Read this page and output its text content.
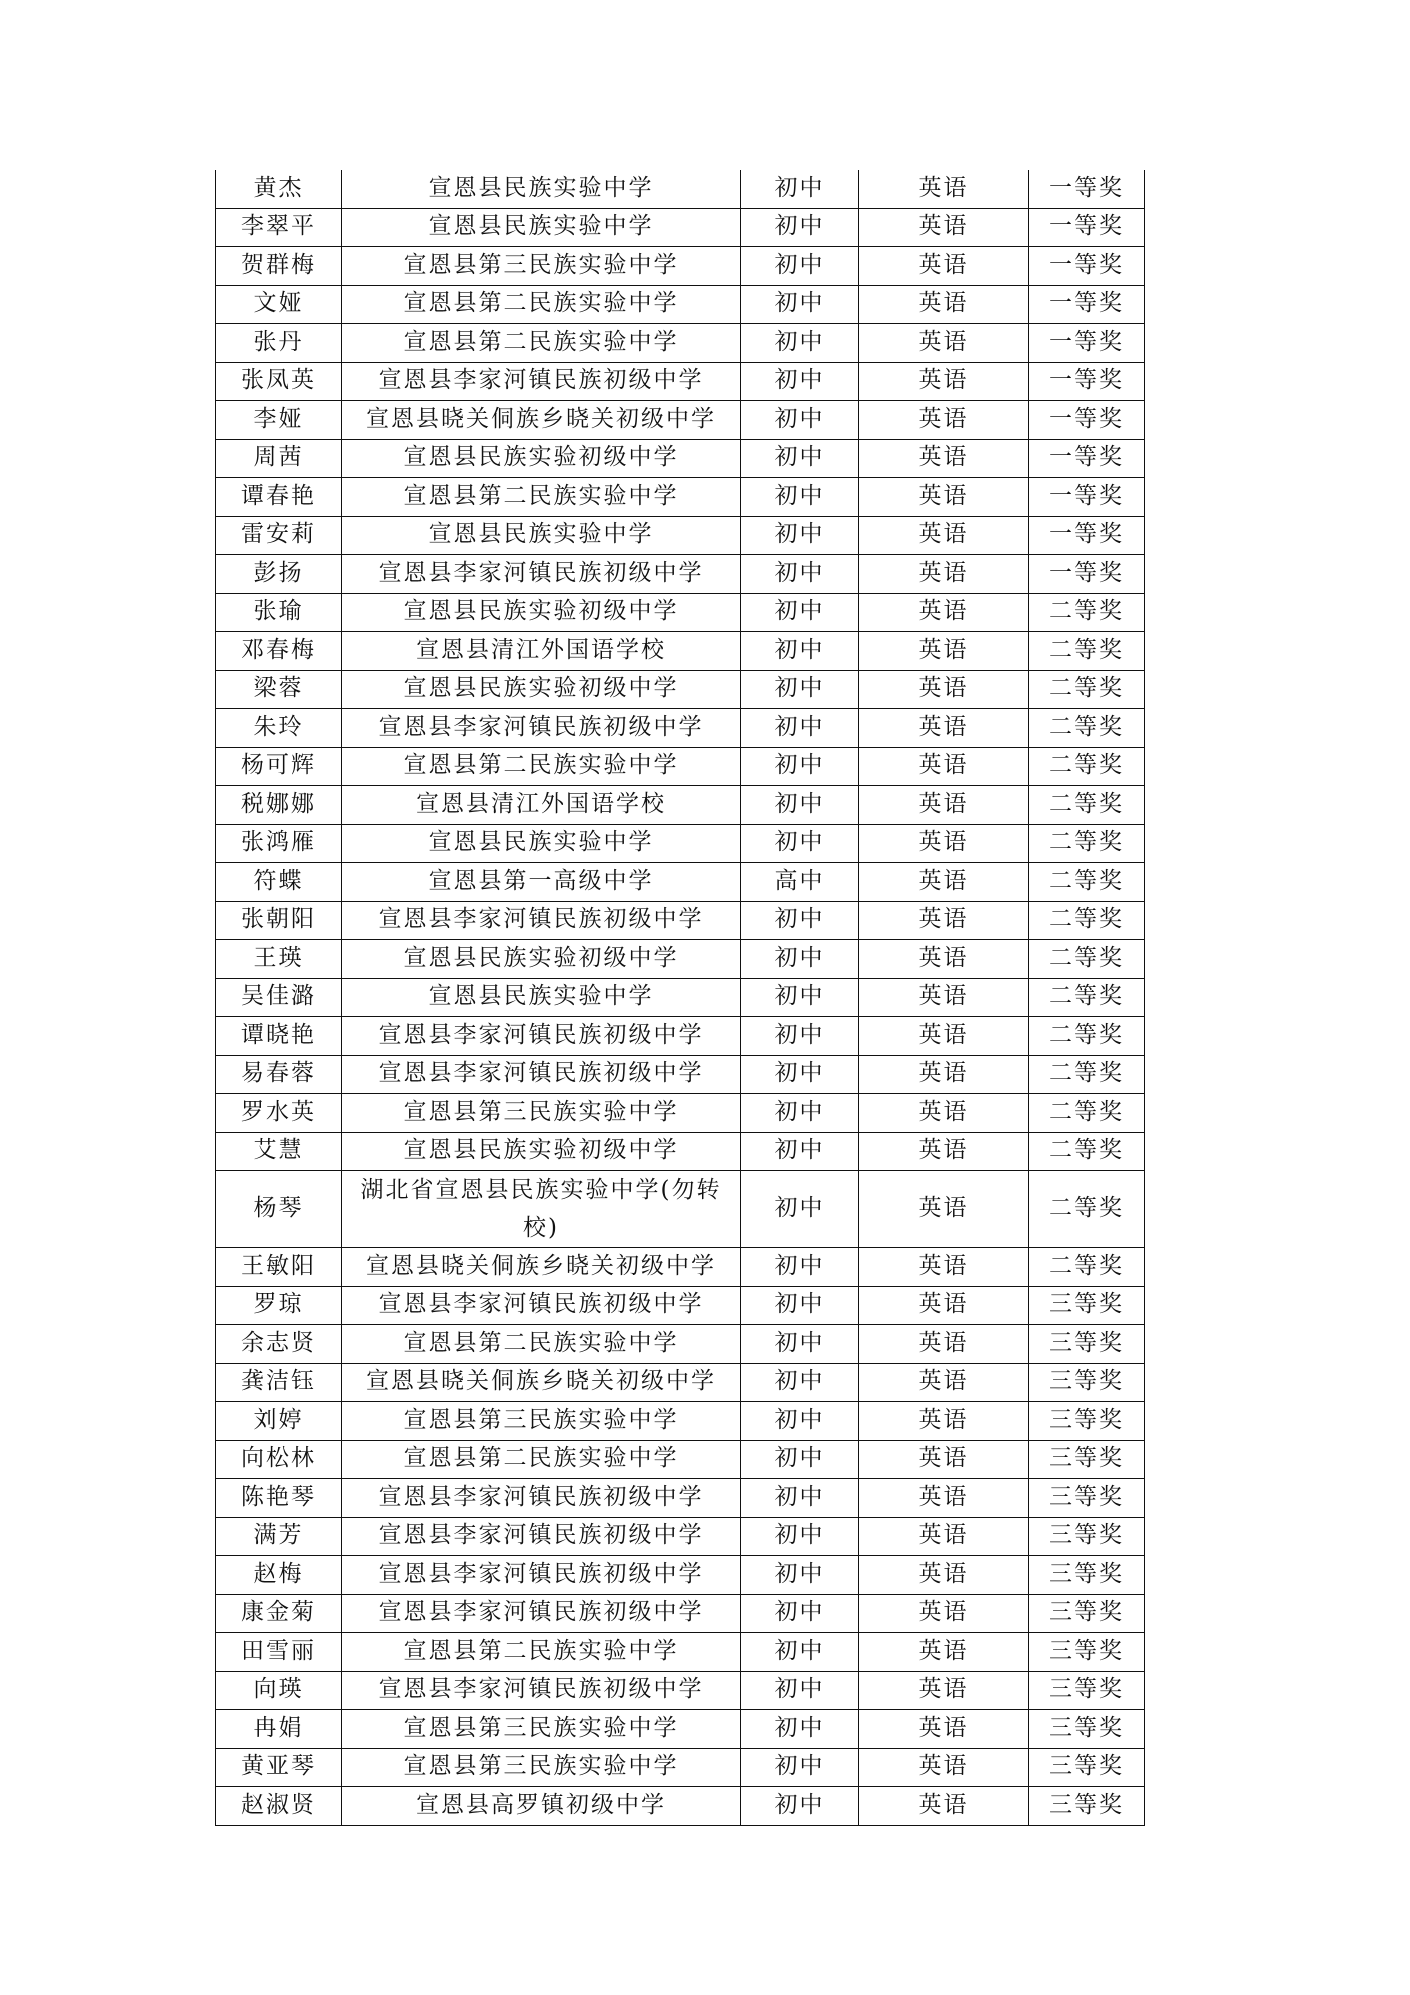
黄杰	宣恩县民族实验中学	初中	英语	一等奖
李翠平	宣恩县民族实验中学	初中	英语	一等奖
贺群梅	宣恩县第三民族实验中学	初中	英语	一等奖
文娅	宣恩县第二民族实验中学	初中	英语	一等奖
张丹	宣恩县第二民族实验中学	初中	英语	一等奖
张凤英	宣恩县李家河镇民族初级中学	初中	英语	一等奖
李娅	宣恩县晓关侗族乡晓关初级中学	初中	英语	一等奖
周茜	宣恩县民族实验初级中学	初中	英语	一等奖
谭春艳	宣恩县第二民族实验中学	初中	英语	一等奖
雷安莉	宣恩县民族实验中学	初中	英语	一等奖
彭扬	宣恩县李家河镇民族初级中学	初中	英语	一等奖
张瑜	宣恩县民族实验初级中学	初中	英语	二等奖
邓春梅	宣恩县清江外国语学校	初中	英语	二等奖
梁蓉	宣恩县民族实验初级中学	初中	英语	二等奖
朱玲	宣恩县李家河镇民族初级中学	初中	英语	二等奖
杨可辉	宣恩县第二民族实验中学	初中	英语	二等奖
税娜娜	宣恩县清江外国语学校	初中	英语	二等奖
张鸿雁	宣恩县民族实验中学	初中	英语	二等奖
符蝶	宣恩县第一高级中学	高中	英语	二等奖
张朝阳	宣恩县李家河镇民族初级中学	初中	英语	二等奖
王瑛	宣恩县民族实验初级中学	初中	英语	二等奖
吴佳潞	宣恩县民族实验中学	初中	英语	二等奖
谭晓艳	宣恩县李家河镇民族初级中学	初中	英语	二等奖
易春蓉	宣恩县李家河镇民族初级中学	初中	英语	二等奖
罗水英	宣恩县第三民族实验中学	初中	英语	二等奖
艾慧	宣恩县民族实验初级中学	初中	英语	二等奖
杨琴	湖北省宣恩县民族实验中学(勿转校)	初中	英语	二等奖
王敏阳	宣恩县晓关侗族乡晓关初级中学	初中	英语	二等奖
罗琼	宣恩县李家河镇民族初级中学	初中	英语	三等奖
余志贤	宣恩县第二民族实验中学	初中	英语	三等奖
龚洁钰	宣恩县晓关侗族乡晓关初级中学	初中	英语	三等奖
刘婷	宣恩县第三民族实验中学	初中	英语	三等奖
向松林	宣恩县第二民族实验中学	初中	英语	三等奖
陈艳琴	宣恩县李家河镇民族初级中学	初中	英语	三等奖
满芳	宣恩县李家河镇民族初级中学	初中	英语	三等奖
赵梅	宣恩县李家河镇民族初级中学	初中	英语	三等奖
康金菊	宣恩县李家河镇民族初级中学	初中	英语	三等奖
田雪丽	宣恩县第二民族实验中学	初中	英语	三等奖
向瑛	宣恩县李家河镇民族初级中学	初中	英语	三等奖
冉娟	宣恩县第三民族实验中学	初中	英语	三等奖
黄亚琴	宣恩县第三民族实验中学	初中	英语	三等奖
赵淑贤	宣恩县高罗镇初级中学	初中	英语	三等奖
